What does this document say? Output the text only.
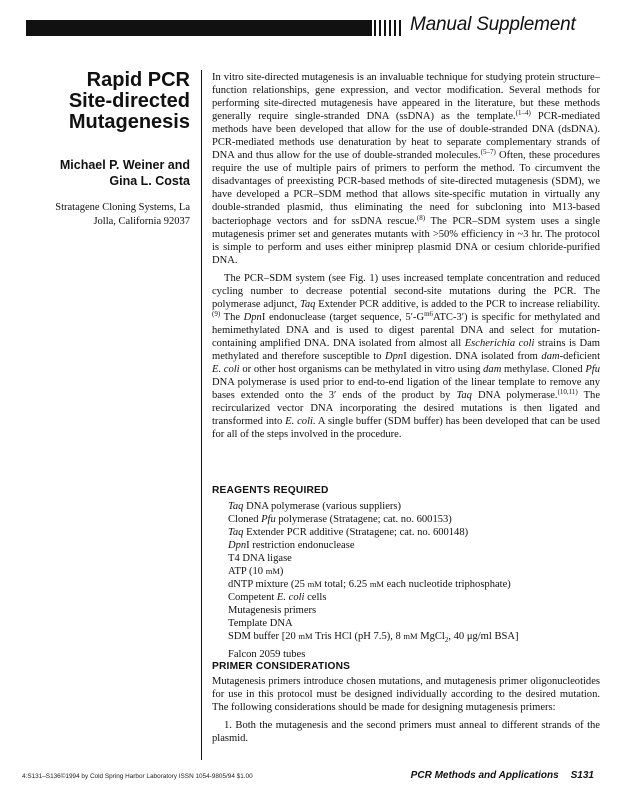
Manual Supplement
Rapid PCR
Site-directed
Mutagenesis
Michael P. Weiner and
Gina L. Costa
Stratagene Cloning Systems, La
Jolla, California 92037

In vitro site-directed mutagenesis is an invaluable technique for studying protein structure–function relationships, gene expression, and vector modification. Several methods for performing site-directed mutagenesis have appeared in the literature, but these methods generally require single-stranded DNA (ssDNA) as the template.$^{(1-4)}$ PCR-mediated methods have been developed that allow for the use of double-stranded DNA (dsDNA). PCR-mediated methods use denaturation by heat to separate complementary strands of DNA and thus allow for the use of double-stranded molecules.$^{(5-7)}$ Often, these procedures require the use of multiple pairs of primers to perform the method. To circumvent the disadvantages of preexisting PCR-based methods of site-directed mutagenesis (SDM), we have developed a PCR–SDM method that allows site-specific mutation in virtually any double-stranded plasmid, thus eliminating the need for subcloning into M13-based bacteriophage vectors and for ssDNA rescue.$^{(8)}$ The PCR–SDM system uses a single mutagenesis primer set and generates mutants with >50% efficiency in ~3 hr. The protocol is simple to perform and uses either miniprep plasmid DNA or cesium chloride-purified DNA.

The PCR–SDM system (see Fig. 1) uses increased template concentration and reduced cycling number to decrease potential second-site mutations during the PCR. The polymerase adjunct, Taq Extender PCR additive, is added to the PCR to increase reliability.$^{(9)}$ The DpnI endonuclease (target sequence, $5'-G^{m6}ATC-3'$) is specific for methylated and hemimethylated DNA and is used to digest parental DNA and select for mutation-containing amplified DNA. DNA isolated from almost all Escherichia coli strains is Dam methylated and therefore susceptible to DpnI digestion. DNA isolated from dam-deficient E. coli or other host organisms can be methylated in vitro using dam methylase. Cloned Pfu DNA polymerase is used prior to end-to-end ligation of the linear template to remove any bases extended onto the 3′ ends of the product by Taq DNA polymerase.$^{(10,11)}$ The recircularized vector DNA incorporating the desired mutations is then ligated and transformed into E. coli. A single buffer (SDM buffer) has been developed that can be used for all of the steps involved in the procedure.

REAGENTS REQUIRED
Taq DNA polymerase (various suppliers)
Cloned Pfu polymerase (Stratagene; cat. no. 600153)
Taq Extender PCR additive (Stratagene; cat. no. 600148)
DpnI restriction endonuclease
T4 DNA ligase
ATP (10 mM)
dNTP mixture (25 mM total; 6.25 mM each nucleotide triphosphate)
Competent E. coli cells
Mutagenesis primers
Template DNA
SDM buffer [20 mM Tris HCl (pH 7.5), 8 mM MgCl$_2$, 40 μg/ml BSA]
Falcon 2059 tubes
PRIMER CONSIDERATIONS

Mutagenesis primers introduce chosen mutations, and mutagenesis primer oligonucleotides for use in this protocol must be designed individually according to the desired mutation. The following considerations should be made for designing mutagenesis primers:

1. Both the mutagenesis and the second primers must anneal to different strands of the plasmid.

4:S131–S136©1994 by Cold Spring Harbor Laboratory ISSN 1054-9805/94 $1.00	PCR Methods and Applications S131
